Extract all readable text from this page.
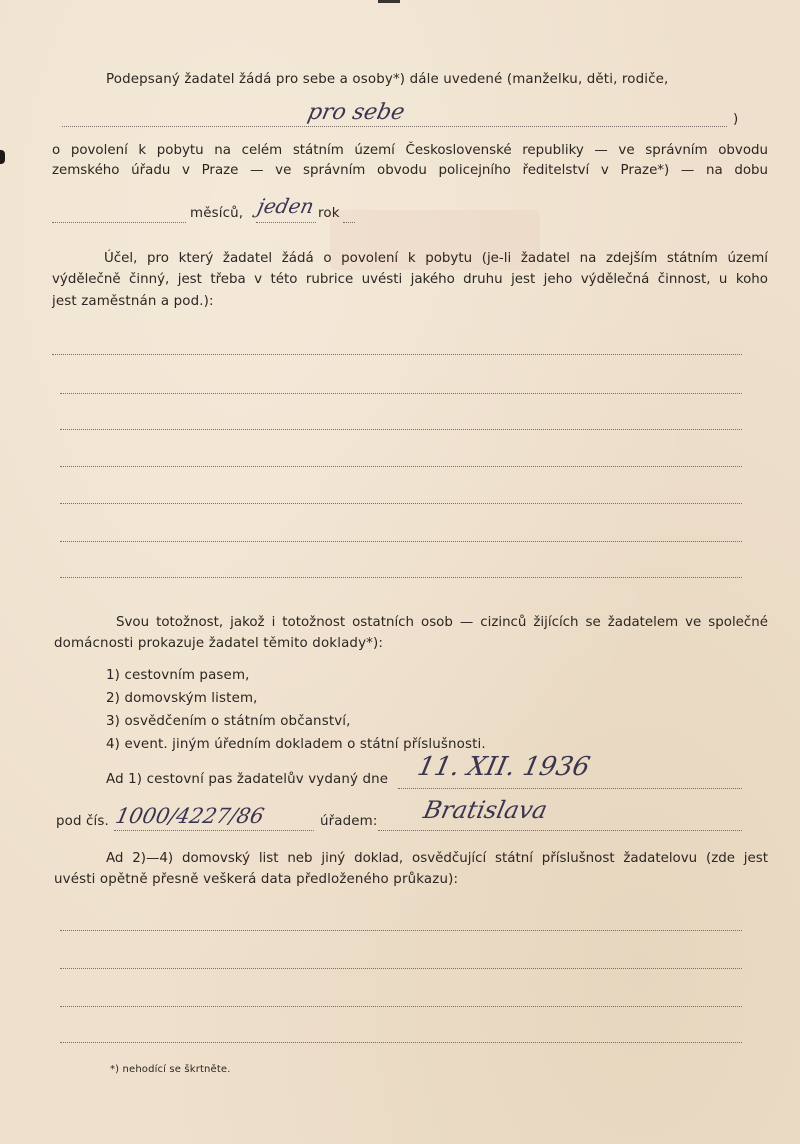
Podepsaný žadatel žádá pro sebe a osoby*) dále uvedené (manželku, děti, rodiče,
pro sebe	)
o povolení k pobytu na celém státním území Československé republiky — ve správním obvodu
zemského úřadu v Praze — ve správním obvodu policejního ředitelství v Praze*) — na dobu
měsíců, jeden rok
Účel, pro který žadatel žádá o povolení k pobytu (je-li žadatel na zdejším státním území
výdělečně činný, jest třeba v této rubrice uvésti jakého druhu jest jeho výdělečná činnost, u koho
jest zaměstnán a pod.):
Svou totožnost, jakož i totožnost ostatních osob — cizinců žijících se žadatelem ve společné
domácnosti prokazuje žadatel těmito doklady*):
1) cestovním pasem,
2) domovským listem,
3) osvědčením o státním občanství,
4) event. jiným úředním dokladem o státní příslušnosti.
Ad 1) cestovní pas žadatelův vydaný dne 11. XII. 1936
pod čís. 1000/4227/86	úřadem: Bratislava
Ad 2)—4) domovský list neb jiný doklad, osvědčující státní příslušnost žadatelovu (zde jest
uvésti opětně přesně veškerá data předloženého průkazu):
*) nehodící se škrtněte.
